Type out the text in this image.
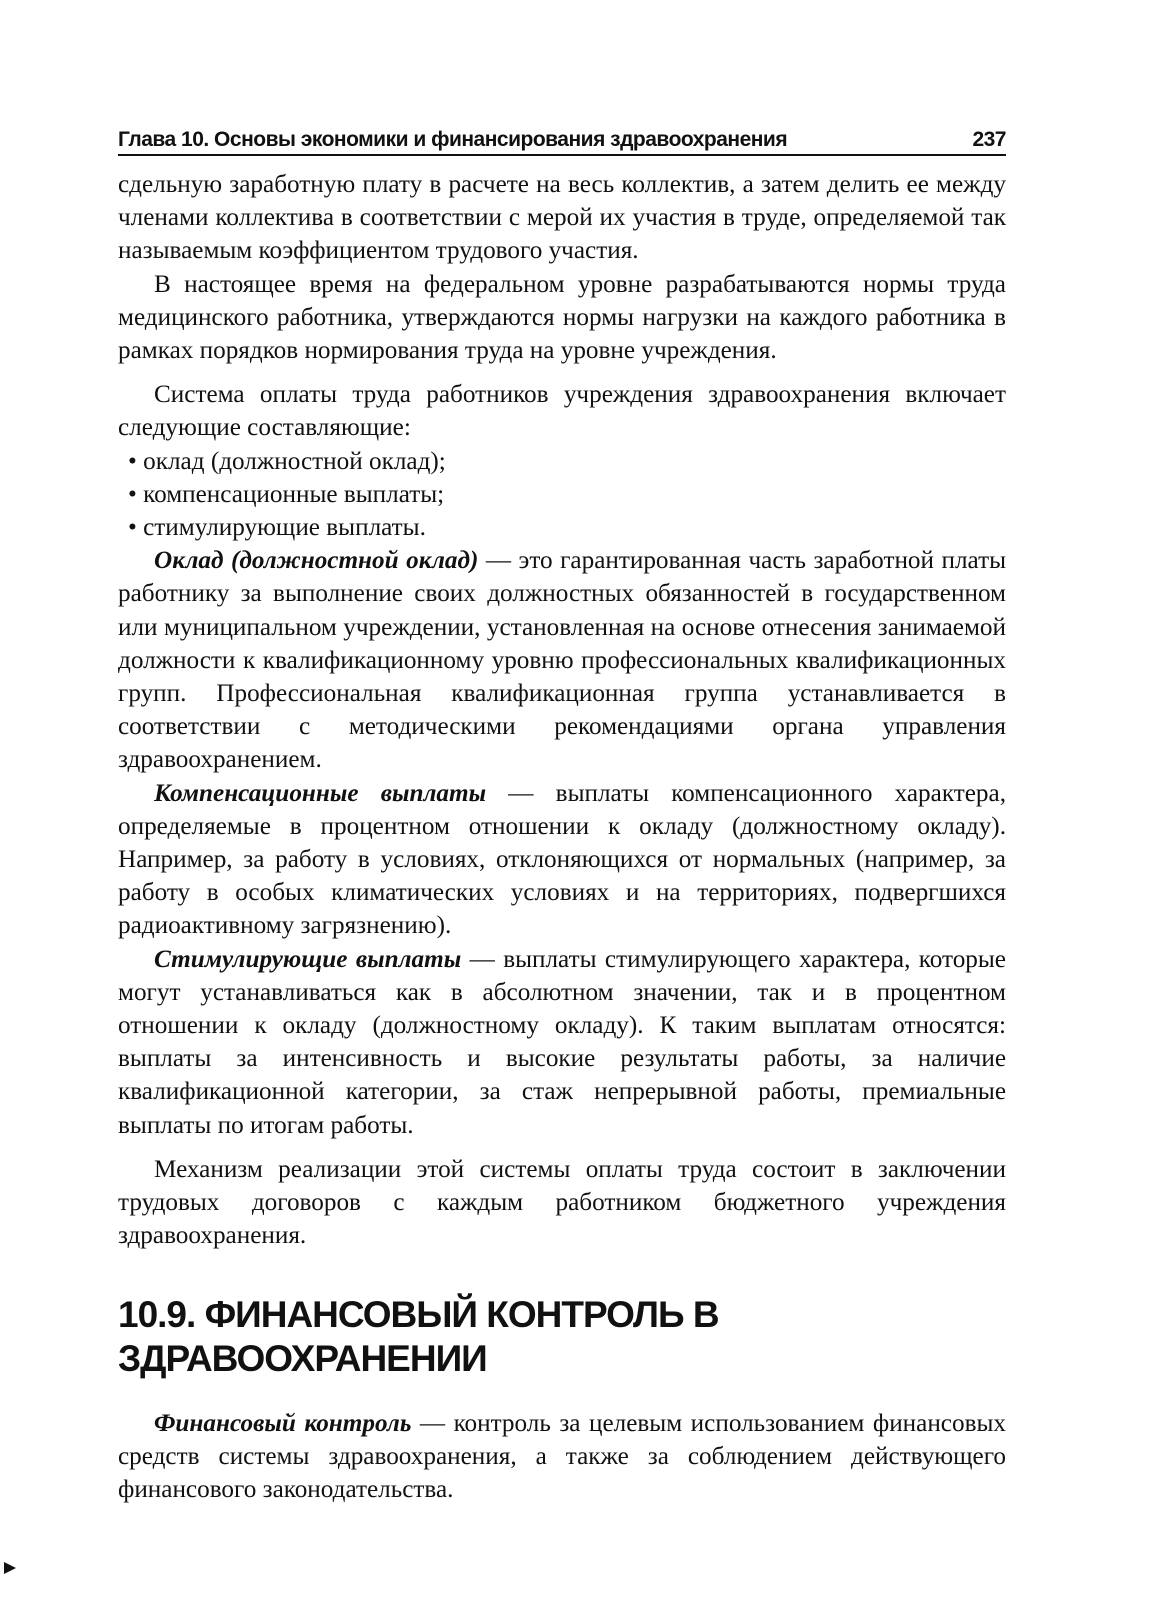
Глава 10. Основы экономики и финансирования здравоохранения	237

сдельную заработную плату в расчете на весь коллектив, а затем делить ее между членами коллектива в соответствии с мерой их участия в труде, определяемой так называемым коэффициентом трудового участия.

В настоящее время на федеральном уровне разрабатываются нормы труда медицинского работника, утверждаются нормы нагрузки на каждого работника в рамках порядков нормирования труда на уровне учреждения.

Система оплаты труда работников учреждения здравоохранения включает следующие составляющие:

• оклад (должностной оклад);
• компенсационные выплаты;
• стимулирующие выплаты.

Оклад (должностной оклад) — это гарантированная часть заработной платы работнику за выполнение своих должностных обязанностей в государственном или муниципальном учреждении, установленная на основе отнесения занимаемой должности к квалификационному уровню профессиональных квалификационных групп. Профессиональная квалификационная группа устанавливается в соответствии с методическими рекомендациями органа управления здравоохранением.

Компенсационные выплаты — выплаты компенсационного характера, определяемые в процентном отношении к окладу (должностному окладу). Например, за работу в условиях, отклоняющихся от нормальных (например, за работу в особых климатических условиях и на территориях, подвергшихся радиоактивному загрязнению).

Стимулирующие выплаты — выплаты стимулирующего характера, которые могут устанавливаться как в абсолютном значении, так и в процентном отношении к окладу (должностному окладу). К таким выплатам относятся: выплаты за интенсивность и высокие результаты работы, за наличие квалификационной категории, за стаж непрерывной работы, премиальные выплаты по итогам работы.

Механизм реализации этой системы оплаты труда состоит в заключении трудовых договоров с каждым работником бюджетного учреждения здравоохранения.

10.9. ФИНАНСОВЫЙ КОНТРОЛЬ В ЗДРАВООХРАНЕНИИ

Финансовый контроль — контроль за целевым использованием финансовых средств системы здравоохранения, а также за соблюдением действующего финансового законодательства.
